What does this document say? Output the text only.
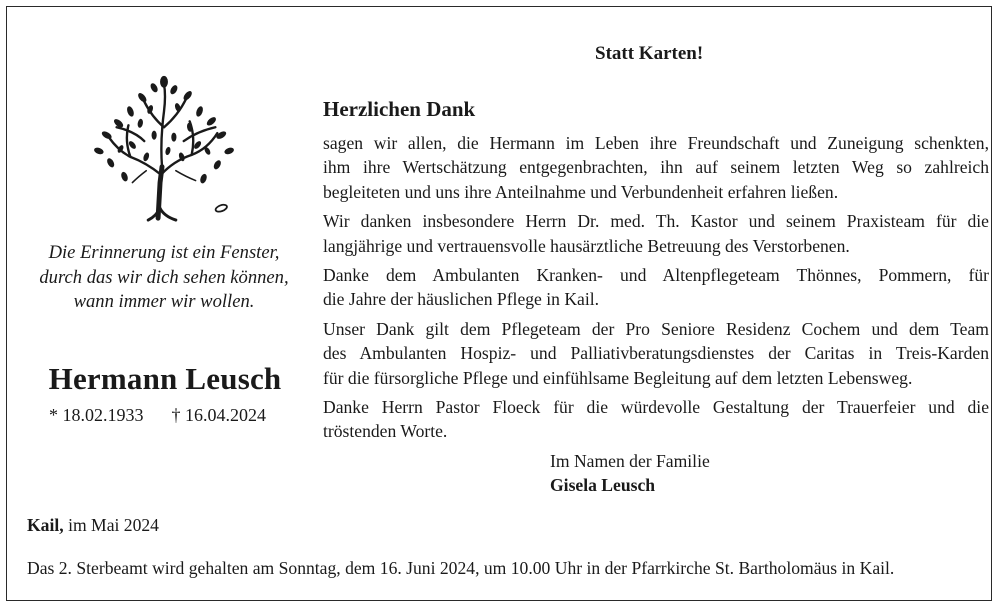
Statt Karten!

Die Erinnerung ist ein Fenster,
durch das wir dich sehen können,
wann immer wir wollen.

Hermann Leusch

* 18.02.1933 † 16.04.2024

Herzlichen Dank

sagen wir allen, die Hermann im Leben ihre Freundschaft und Zuneigung schenkten,
ihm ihre Wertschätzung entgegenbrachten, ihn auf seinem letzten Weg so zahlreich
begleiteten und uns ihre Anteilnahme und Verbundenheit erfahren ließen.

Wir danken insbesondere Herrn Dr. med. Th. Kastor und seinem Praxisteam für die
langjährige und vertrauensvolle hausärztliche Betreuung des Verstorbenen.

Danke dem Ambulanten Kranken- und Altenpflegeteam Thönnes, Pommern, für
die Jahre der häuslichen Pflege in Kail.

Unser Dank gilt dem Pflegeteam der Pro Seniore Residenz Cochem und dem Team
des Ambulanten Hospiz- und Palliativberatungsdienstes der Caritas in Treis-Karden
für die fürsorgliche Pflege und einfühlsame Begleitung auf dem letzten Lebensweg.

Danke Herrn Pastor Floeck für die würdevolle Gestaltung der Trauerfeier und die
tröstenden Worte.

Im Namen der Familie
Gisela Leusch

Kail, im Mai 2024

Das 2. Sterbeamt wird gehalten am Sonntag, dem 16. Juni 2024, um 10.00 Uhr in der Pfarrkirche St. Bartholomäus in Kail.
